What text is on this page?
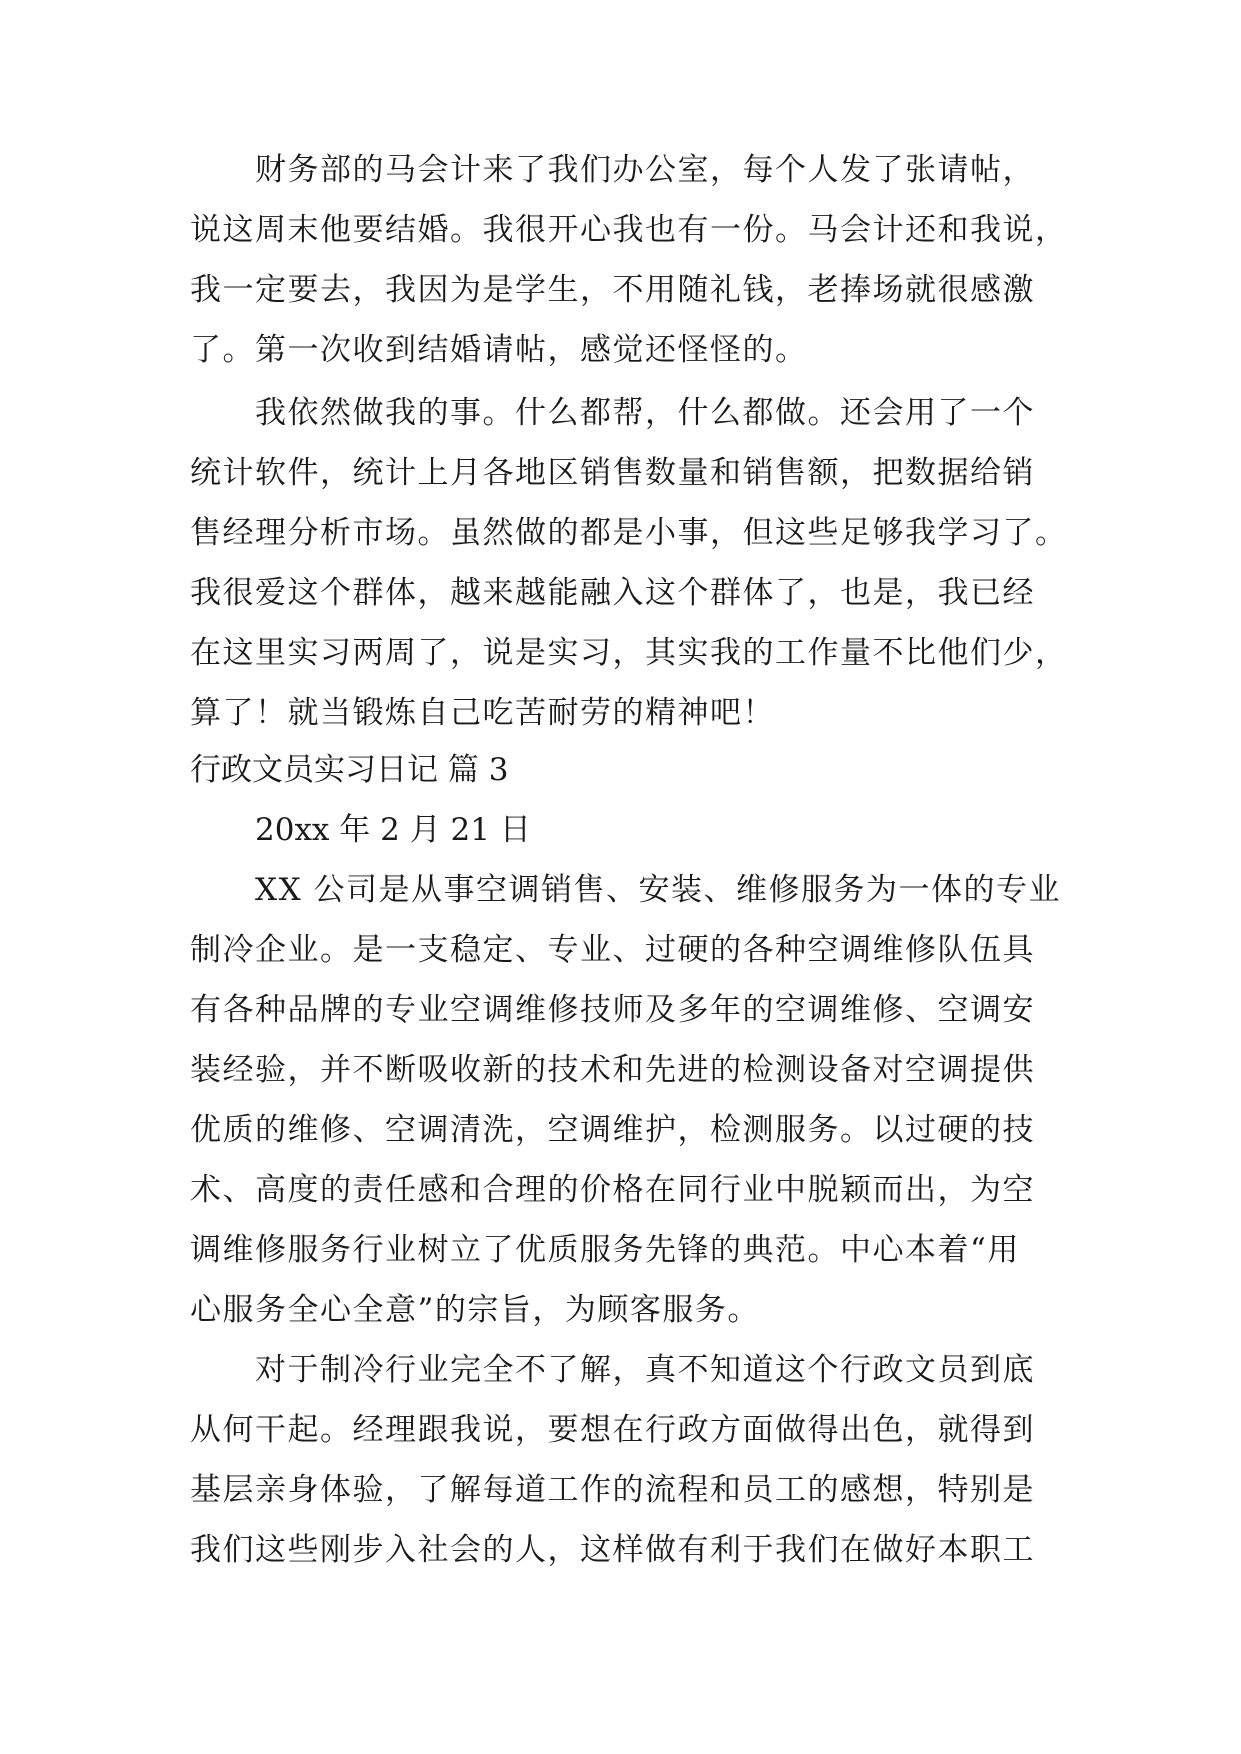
财务部的马会计来了我们办公室，每个人发了张请帖，
说这周末他要结婚。我很开心我也有一份。马会计还和我说，
我一定要去，我因为是学生，不用随礼钱，老捧场就很感激
了。第一次收到结婚请帖，感觉还怪怪的。
我依然做我的事。什么都帮，什么都做。还会用了一个
统计软件，统计上月各地区销售数量和销售额，把数据给销
售经理分析市场。虽然做的都是小事，但这些足够我学习了。
我很爱这个群体，越来越能融入这个群体了，也是，我已经
在这里实习两周了，说是实习，其实我的工作量不比他们少，
算了！就当锻炼自己吃苦耐劳的精神吧！
行政文员实习日记 篇 3
20xx 年 2 月 21 日
XX 公司是从事空调销售、安装、维修服务为一体的专业
制冷企业。是一支稳定、专业、过硬的各种空调维修队伍具
有各种品牌的专业空调维修技师及多年的空调维修、空调安
装经验，并不断吸收新的技术和先进的检测设备对空调提供
优质的维修、空调清洗，空调维护，检测服务。以过硬的技
术、高度的责任感和合理的价格在同行业中脱颖而出，为空
调维修服务行业树立了优质服务先锋的典范。中心本着“用
心服务全心全意”的宗旨，为顾客服务。
对于制冷行业完全不了解，真不知道这个行政文员到底
从何干起。经理跟我说，要想在行政方面做得出色，就得到
基层亲身体验，了解每道工作的流程和员工的感想，特别是
我们这些刚步入社会的人，这样做有利于我们在做好本职工
